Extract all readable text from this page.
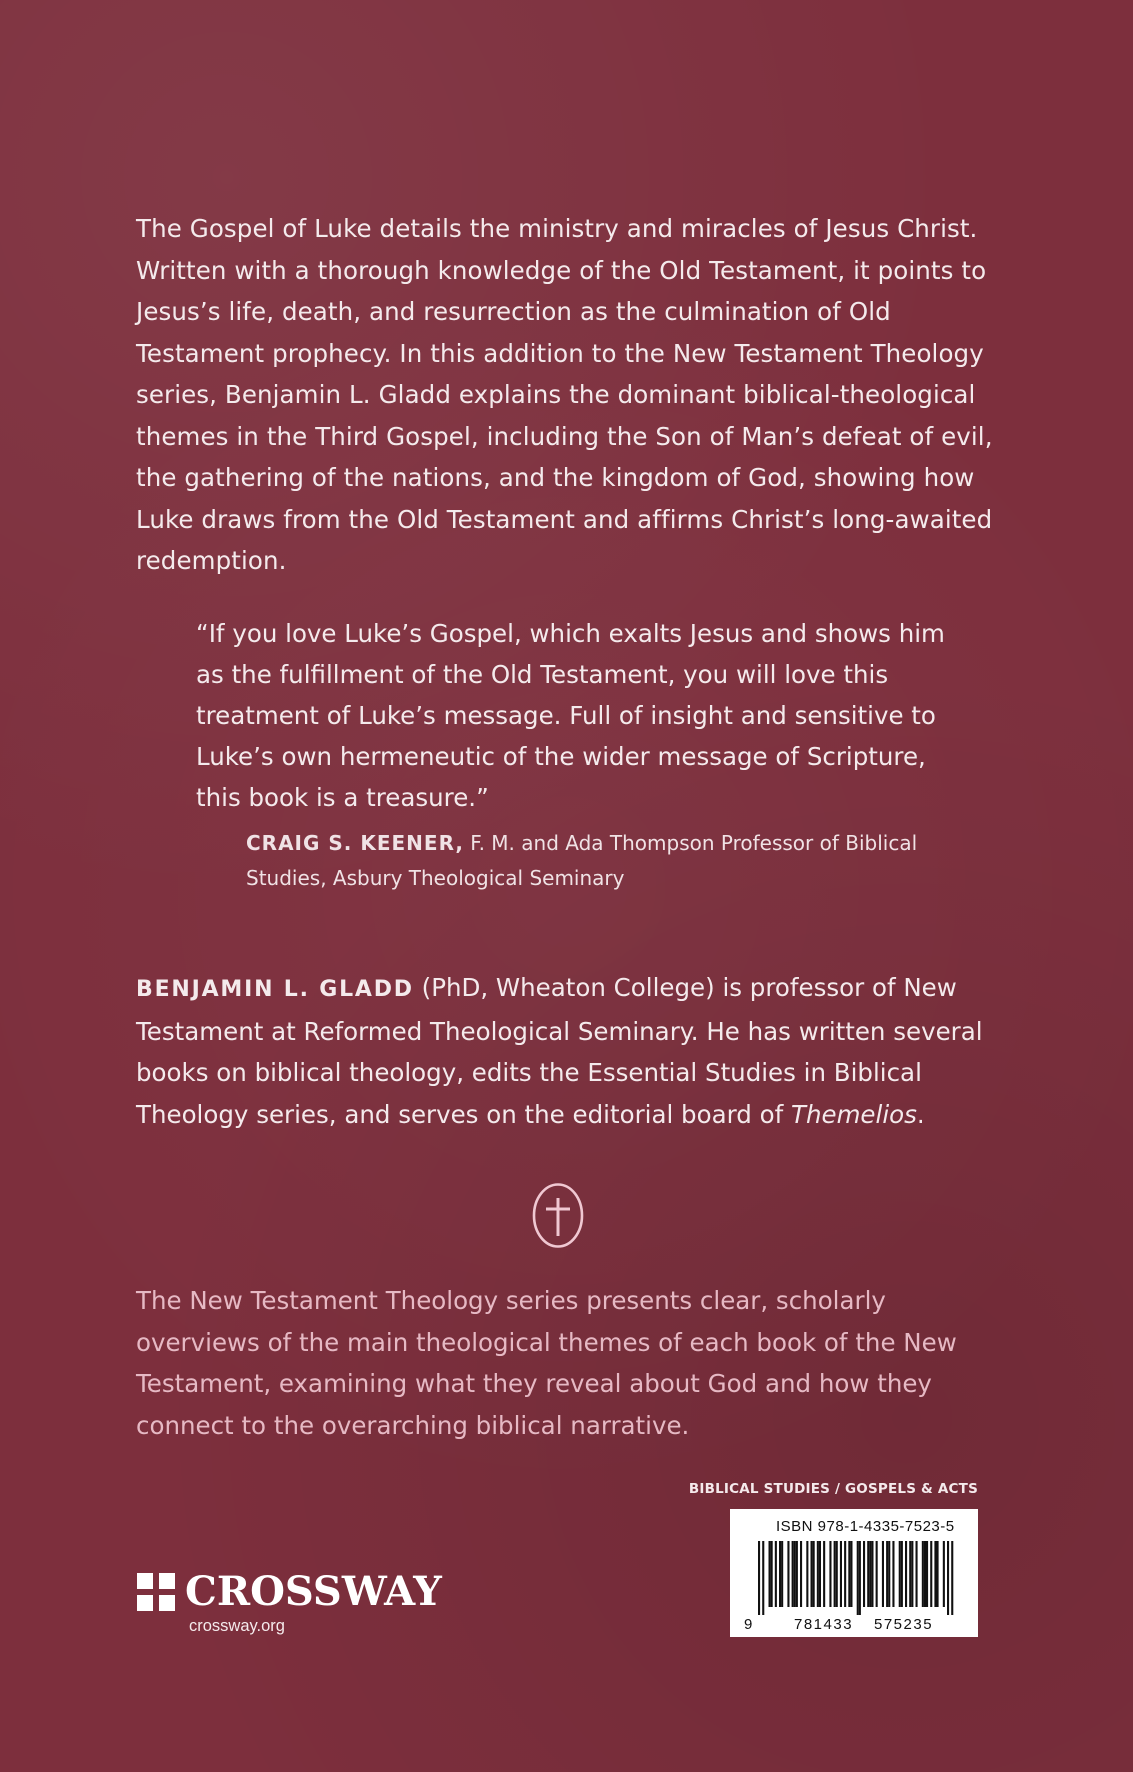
The Gospel of Luke details the ministry and miracles of Jesus Christ. Written with a thorough knowledge of the Old Testament, it points to Jesus’s life, death, and resurrection as the culmination of Old Testament prophecy. In this addition to the New Testament Theology series, Benjamin L. Gladd explains the dominant biblical-theological themes in the Third Gospel, including the Son of Man’s defeat of evil, the gathering of the nations, and the kingdom of God, showing how Luke draws from the Old Testament and affirms Christ’s long-awaited redemption.

“If you love Luke’s Gospel, which exalts Jesus and shows him as the fulfillment of the Old Testament, you will love this treatment of Luke’s message. Full of insight and sensitive to Luke’s own hermeneutic of the wider message of Scripture, this book is a treasure.”

CRAIG S. KEENER, F. M. and Ada Thompson Professor of Biblical Studies, Asbury Theological Seminary

BENJAMIN L. GLADD (PhD, Wheaton College) is professor of New Testament at Reformed Theological Seminary. He has written several books on biblical theology, edits the Essential Studies in Biblical Theology series, and serves on the editorial board of Themelios.

The New Testament Theology series presents clear, scholarly overviews of the main theological themes of each book of the New Testament, examining what they reveal about God and how they connect to the overarching biblical narrative.

BIBLICAL STUDIES / GOSPELS & ACTS

ISBN 978-1-4335-7523-5
9	781433 575235
CROSSWAY

crossway.org
